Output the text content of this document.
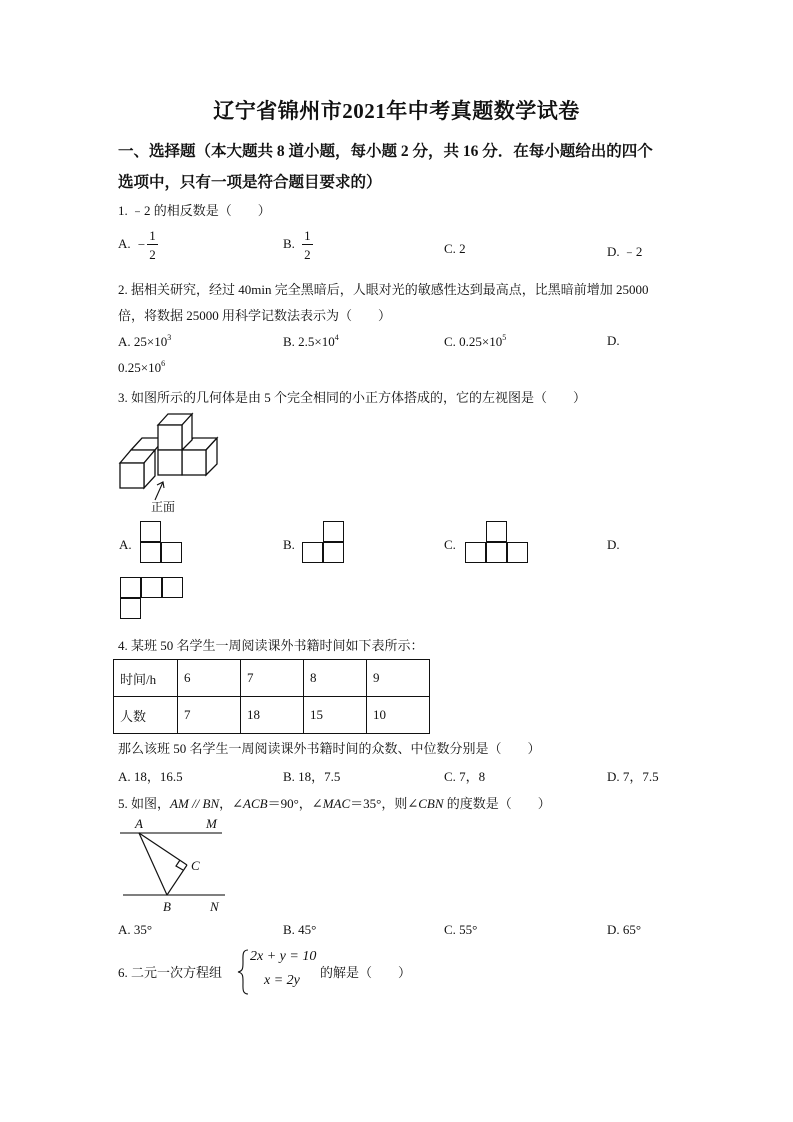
辽宁省锦州市2021年中考真题数学试卷
一、选择题（本大题共 8 道小题，每小题 2 分，共 16 分．在每小题给出的四个
选项中，只有一项是符合题目要求的）
1. ﹣2 的相反数是（　　）
A. − $\frac{1}{2}$	B. $\frac{1}{2}$	C. 2	D. ﹣2
2. 据相关研究，经过 40min 完全黑暗后，人眼对光的敏感性达到最高点，比黑暗前增加 25000
倍，将数据 25000 用科学记数法表示为（　　）
A. $25\times 10^3$	B. $2.5\times 10^4$	C. $0.25\times 10^5$	D.
$0.25\times 10^6$
3. 如图所示的几何体是由 5 个完全相同的小正方体搭成的，它的左视图是（　　）
正面
A.	B.	C.	D.
4. 某班 50 名学生一周阅读课外书籍时间如下表所示：
时间/h	6	7	8	9
人数	7	18	15	10
那么该班 50 名学生一周阅读课外书籍时间的众数、中位数分别是（　　）
A. 18，16.5	B. 18，7.5	C. 7，8	D. 7，7.5
5. 如图，AM // BN，∠ACB＝90°，∠MAC＝35°，则∠CBN 的度数是（　　）
A	M
C
B	N
A. 35°	B. 45°	C. 55°	D. 65°
6. 二元一次方程组
2x + y = 10
x = 2y
的解是（　　）
